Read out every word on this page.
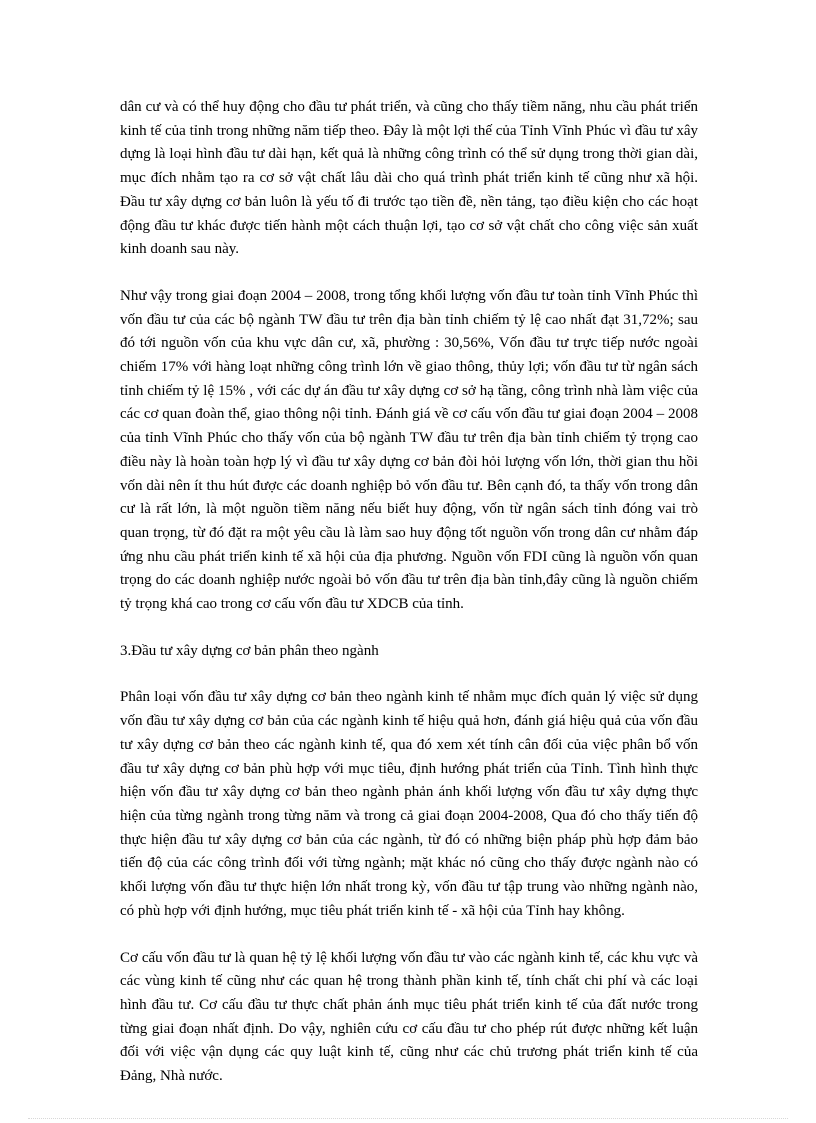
dân cư và có thể huy động cho đầu tư phát triển, và cũng cho thấy tiềm năng, nhu cầu phát triển kinh tế của tỉnh trong những năm tiếp theo. Đây là một lợi thế của Tỉnh Vĩnh Phúc vì đầu tư xây dựng là loại hình đầu tư dài hạn, kết quả là những công trình có thể sử dụng trong thời gian dài, mục đích nhằm tạo ra cơ sở vật chất lâu dài cho quá trình phát triển kinh tế cũng như xã hội. Đầu tư xây dựng cơ bản luôn là yếu tố đi trước tạo tiền đề, nền tảng, tạo điều kiện cho các hoạt động đầu tư khác được tiến hành một cách thuận lợi, tạo cơ sở vật chất cho công việc sản xuất kinh doanh sau này.

Như vậy trong giai đoạn 2004 – 2008, trong tổng khối lượng vốn đầu tư toàn tỉnh Vĩnh Phúc thì vốn đầu tư của các bộ ngành TW đầu tư trên địa bàn tỉnh chiếm tỷ lệ cao nhất đạt 31,72%; sau đó tới nguồn vốn của khu vực dân cư, xã, phường : 30,56%, Vốn đầu tư trực tiếp nước ngoài chiếm 17% với hàng loạt những công trình lớn về giao thông, thủy lợi; vốn đầu tư từ ngân sách tỉnh chiếm tỷ lệ 15% , với các dự án đầu tư xây dựng cơ sở hạ tầng, công trình nhà làm việc của các cơ quan đoàn thể, giao thông nội tỉnh. Đánh giá về cơ cấu vốn đầu tư giai đoạn 2004 – 2008 của tỉnh Vĩnh Phúc cho thấy vốn của bộ ngành TW đầu tư trên địa bàn tỉnh chiếm tỷ trọng cao điều này là hoàn toàn hợp lý vì đầu tư xây dựng cơ bản đòi hỏi lượng vốn lớn, thời gian thu hồi vốn dài nên ít thu hút được các doanh nghiệp bỏ vốn đầu tư. Bên cạnh đó, ta thấy vốn trong dân cư là rất lớn, là một nguồn tiềm năng nếu biết huy động, vốn từ ngân sách tỉnh đóng vai trò quan trọng, từ đó đặt ra một yêu cầu là làm sao huy động tốt nguồn vốn trong dân cư nhằm đáp ứng nhu cầu phát triển kinh tế xã hội của địa phương. Nguồn vốn FDI cũng là nguồn vốn quan trọng do các doanh nghiệp nước ngoài bỏ vốn đầu tư trên địa bàn tỉnh,đây cũng là nguồn chiếm tỷ trọng khá cao trong cơ cấu vốn đầu tư XDCB của tỉnh.

3.Đầu tư xây dựng cơ bản phân theo ngành

Phân loại vốn đầu tư xây dựng cơ bản theo ngành kinh tế nhằm mục đích quản lý việc sử dụng vốn đầu tư xây dựng cơ bản của các ngành kinh tế hiệu quả hơn, đánh giá hiệu quả của vốn đầu tư xây dựng cơ bản theo các ngành kinh tế, qua đó xem xét tính cân đối của việc phân bổ vốn đầu tư xây dựng cơ bản phù hợp với mục tiêu, định hướng phát triển của Tỉnh. Tình hình thực hiện vốn đầu tư xây dựng cơ bản theo ngành phản ánh khối lượng vốn đầu tư xây dựng thực hiện của từng ngành trong từng năm và trong cả giai đoạn 2004-2008, Qua đó cho thấy tiến độ thực hiện đầu tư xây dựng cơ bản của các ngành, từ đó có những biện pháp phù hợp đảm bảo tiến độ của các công trình đối với từng ngành; mặt khác nó cũng cho thấy được ngành nào có khối lượng vốn đầu tư thực hiện lớn nhất trong kỳ, vốn đầu tư tập trung vào những ngành nào, có phù hợp với định hướng, mục tiêu phát triển kinh tế - xã hội của Tỉnh hay không.

Cơ cấu vốn đầu tư là quan hệ tỷ lệ khối lượng vốn đầu tư vào các ngành kinh tế, các khu vực và các vùng kinh tế cũng như các quan hệ trong thành phần kinh tế, tính chất chi phí và các loại hình đầu tư. Cơ cấu đầu tư thực chất phản ánh mục tiêu phát triển kinh tế của đất nước trong từng giai đoạn nhất định. Do vậy, nghiên cứu cơ cấu đầu tư cho phép rút được những kết luận đối với việc vận dụng các quy luật kinh tế, cũng như các chủ trương phát triển kinh tế của Đảng, Nhà nước.
